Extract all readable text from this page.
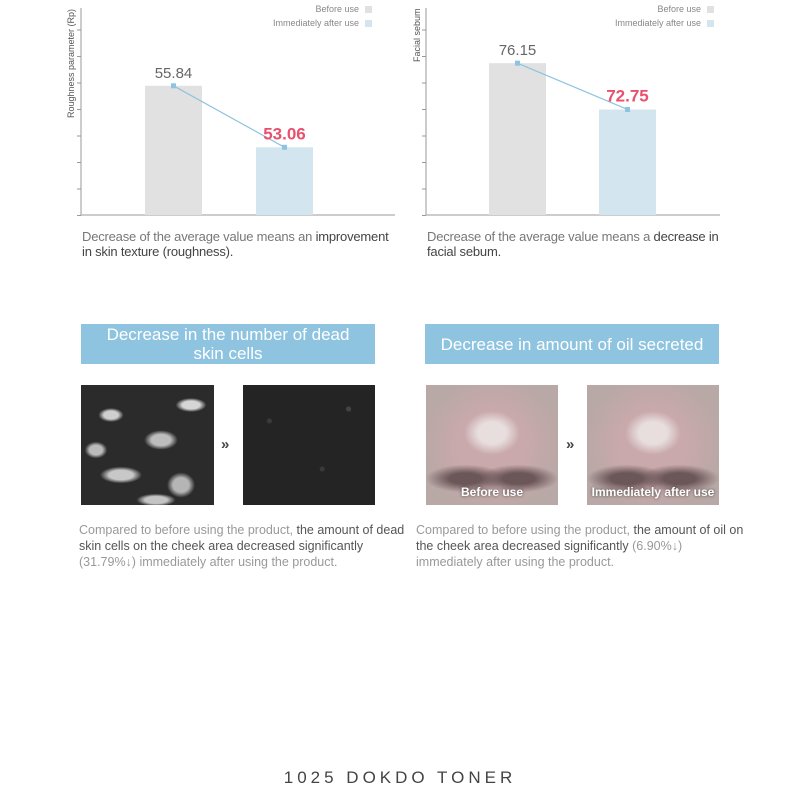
55.84
53.06
Roughness parameter (Rp)	Before use
Immediately after use
76.15
72.75
Facial sebum	Before use
Immediately after use
Decrease of the average value means an improvement in skin texture (roughness).
Decrease of the average value means a decrease in facial sebum.
Decrease in the number of dead skin cells	Decrease in amount of oil secreted
»
Before use
»
Immediately after use
Compared to before using the product, the amount of dead skin cells on the cheek area decreased significantly (31.79%↓) immediately after using the product.
Compared to before using the product, the amount of oil on the cheek area decreased significantly (6.90%↓) immediately after using the product.
1025 DOKDO TONER
